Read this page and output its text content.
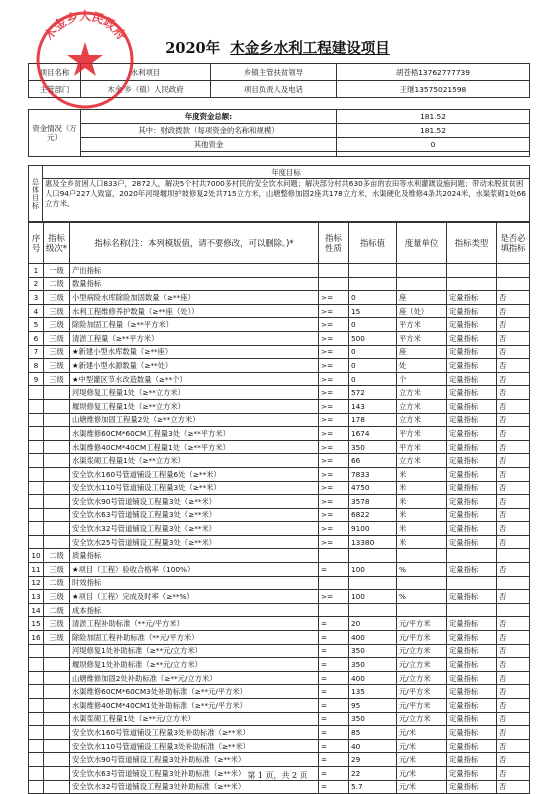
2020年 木金乡水利工程建设项目
项目名称	水利项目	乡镇主管扶贫领导	胡苍梧13762777739
主管部门	木金 乡（镇）人民政府	项目负责人及电话	王继13575021598
资金情况（万元）	年度资金总额:	181.52
	其中：财政拨款（每项资金的名称和规模）	181.52
	其他资金	0

总体目标	年度目标
惠及全乡贫困人口833户，2872人，解决5个村共7000多村民的安全饮水问题；解决部分村共630多亩的农田等水利灌溉设施问题；带动未脱贫贫困人口94户227人致富，2020年河堤堰坝护坡修复2处共715立方米，山塘整修加固2座共178立方米，水渠硬化及维修4条共2024米，水渠浆砌1处66立方米。
序号	指标级次*	指标名称(注：本列模版值，请不要修改，可以删除。)*	指标性质	指标值	度量单位	指标类型	是否必填指标
1	一级	产出指标					
2	二级	数量指标					
3	三级	小型病险水库除险加固数量（≥**座）	>=	0	座	定量指标	否
4	三级	水利工程维修养护数量（≥**座（处））	>=	15	座（处）	定量指标	否
5	三级	除险加固工程量（≥**平方米）	>=	0	平方米	定量指标	否
6	三级	清淤工程量（≥**平方米）	>=	500	平方米	定量指标	否
7	三级	★新建小型水库数量（≥**座）	>=	0	座	定量指标	否
8	三级	★新建小型水源数量（≥**处）	>=	0	处	定量指标	否
9	三级	★中型灌区节水改造数量（≥**个）	>=	0	个	定量指标	否
		河堤修复工程量1处（≥**立方米）	>=	572	立方米	定量指标	否
		堰坝修复工程量1处（≥**立方米）	>=	143	立方米	定量指标	否
		山塘维修加固工程量2处（≥**立方米）	>=	178	立方米	定量指标	否
		水渠维修60CM*60CM工程量3处（≥**平方米）	>=	1674	平方米	定量指标	否
		水渠维修40CM*40CM工程量1处（≥**平方米）	>=	350	平方米	定量指标	否
		水渠浆砌工程量1处（≥**立方米）	>=	66	立方米	定量指标	否
		安全饮水160号管道铺设工程量6处（≥**米）	>=	7833	米	定量指标	否
		安全饮水110号管道铺设工程量3处（≥**米）	>=	4750	米	定量指标	否
		安全饮水90号管道铺设工程量3处（≥**米）	>=	3578	米	定量指标	否
		安全饮水63号管道铺设工程量3处（≥**米）	>=	6822	米	定量指标	否
		安全饮水32号管道铺设工程量3处（≥**米）	>=	9100	米	定量指标	否
		安全饮水25号管道铺设工程量3处（≥**米）	>=	13380	米	定量指标	否
10	二级	质量指标					
11	三级	★项目（工程）验收合格率（100%）	=	100	%	定量指标	否
12	二级	时效指标					
13	三级	★项目（工程）完成及时率（≥**%）	>=	100	%	定量指标	否
14	二级	成本指标					
15	三级	清淤工程补助标准（**元/平方米）	=	20	元/平方米	定量指标	否
16	三级	除险加固工程补助标准（**元/平方米）	=	400	元/平方米	定量指标	否
		河堤修复1处补助标准（≥**元/立方米）	=	350	元/立方米	定量指标	否
		堰坝修复1处补助标准（≥**元/立方米）	=	350	元/立方米	定量指标	否
		山塘维修加固2处补助标准（≥**元/立方米）	=	400	元/立方米	定量指标	否
		水渠维修60CM*60CM3处补助标准（≥**元/平方米）	=	135	元/平方米	定量指标	否
		水渠维修40CM*40CM1处补助标准（≥**元/平方米）	=	95	元/平方米	定量指标	否
		水渠浆砌工程量1处（≥**元/立方米）	=	350	元/立方米	定量指标	否
		安全饮水160号管道铺设工程量3处补助标准（≥**米）	=	85	元/米	定量指标	否
		安全饮水110号管道铺设工程量3处补助标准（≥**米）	=	40	元/米	定量指标	否
		安全饮水90号管道铺设工程量3处补助标准（≥**米）	=	29	元/米	定量指标	否
		安全饮水63号管道铺设工程量3处补助标准（≥**米）	=	22	元/米	定量指标	否
		安全饮水32号管道铺设工程量3处补助标准（≥**米）	=	5.7	元/米	定量指标	否
木金乡人民政府
第 1 页，共 2 页
